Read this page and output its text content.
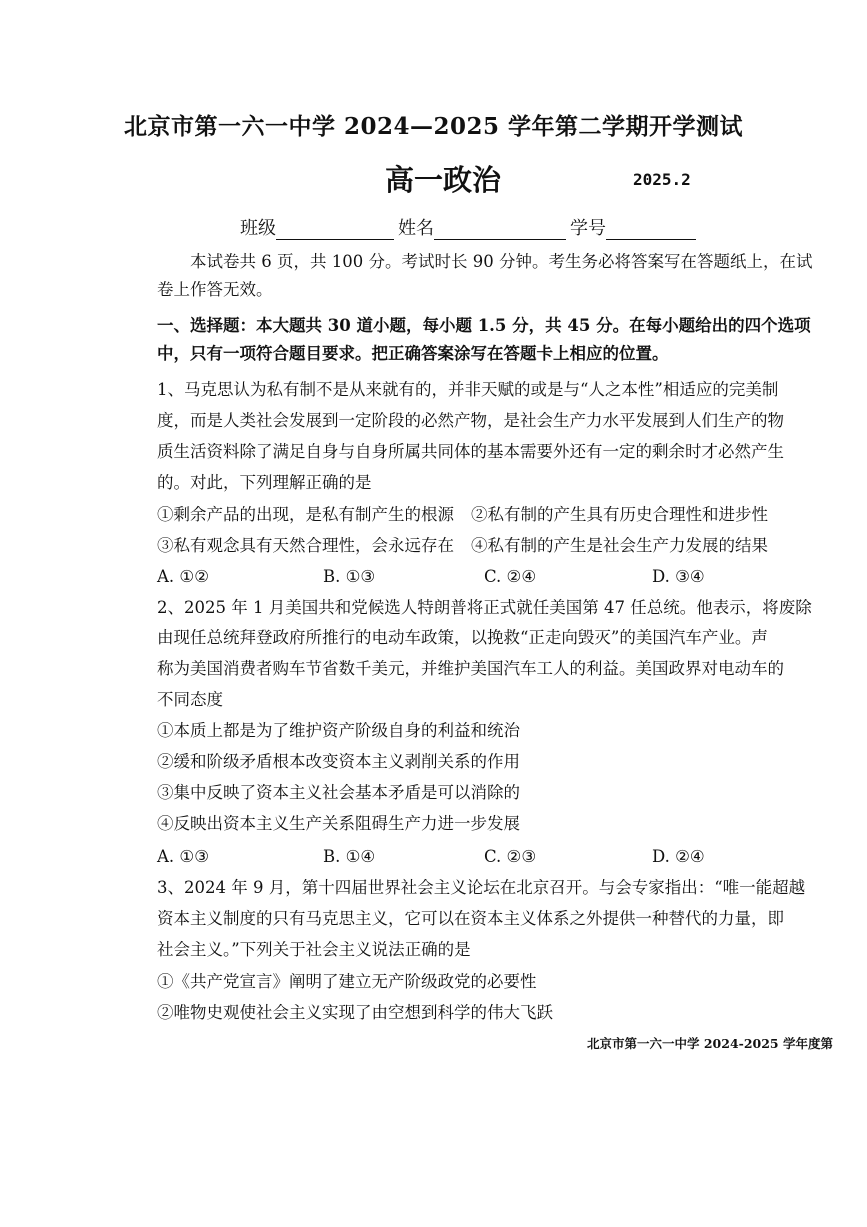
北京市第一六一中学 2024—2025 学年第二学期开学测试
高一政治	2025.2
班级	姓名	学号
本试卷共 6 页，共 100 分。考试时长 90 分钟。考生务必将答案写在答题纸上，在试
卷上作答无效。
一、选择题：本大题共 30 道小题，每小题 1.5 分，共 45 分。在每小题给出的四个选项
中，只有一项符合题目要求。把正确答案涂写在答题卡上相应的位置。
1、马克思认为私有制不是从来就有的，并非天赋的或是与“人之本性”相适应的完美制
度，而是人类社会发展到一定阶段的必然产物，是社会生产力水平发展到人们生产的物
质生活资料除了满足自身与自身所属共同体的基本需要外还有一定的剩余时才必然产生
的。对此，下列理解正确的是
①剩余产品的出现，是私有制产生的根源 ②私有制的产生具有历史合理性和进步性
③私有观念具有天然合理性，会永远存在 ④私有制的产生是社会生产力发展的结果
A. ①②	B. ①③	C. ②④	D. ③④
2、2025 年 1 月美国共和党候选人特朗普将正式就任美国第 47 任总统。他表示，将废除
由现任总统拜登政府所推行的电动车政策，以挽救“正走向毁灭”的美国汽车产业。声
称为美国消费者购车节省数千美元，并维护美国汽车工人的利益。美国政界对电动车的
不同态度
①本质上都是为了维护资产阶级自身的利益和统治
②缓和阶级矛盾根本改变资本主义剥削关系的作用
③集中反映了资本主义社会基本矛盾是可以消除的
④反映出资本主义生产关系阻碍生产力进一步发展
A. ①③	B. ①④	C. ②③	D. ②④
3、2024 年 9 月，第十四届世界社会主义论坛在北京召开。与会专家指出：“唯一能超越
资本主义制度的只有马克思主义，它可以在资本主义体系之外提供一种替代的力量，即
社会主义。”下列关于社会主义说法正确的是
①《共产党宣言》阐明了建立无产阶级政党的必要性
②唯物史观使社会主义实现了由空想到科学的伟大飞跃
北京市第一六一中学 2024-2025 学年度第
